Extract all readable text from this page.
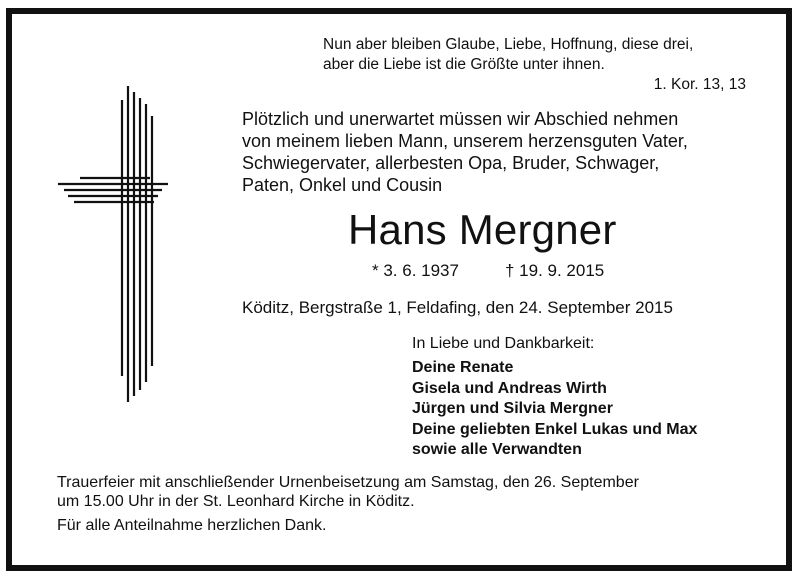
Nun aber bleiben Glaube, Liebe, Hoffnung, diese drei,
aber die Liebe ist die Größte unter ihnen.
1. Kor. 13, 13
Plötzlich und unerwartet müssen wir Abschied nehmen
von meinem lieben Mann, unserem herzensguten Vater,
Schwiegervater, allerbesten Opa, Bruder, Schwager,
Paten, Onkel und Cousin
Hans Mergner
* 3. 6. 1937	† 19. 9. 2015
Köditz, Bergstraße 1, Feldafing, den 24. September 2015
In Liebe und Dankbarkeit:
Deine Renate
Gisela und Andreas Wirth
Jürgen und Silvia Mergner
Deine geliebten Enkel Lukas und Max
sowie alle Verwandten
Trauerfeier mit anschließender Urnenbeisetzung am Samstag, den 26. September
um 15.00 Uhr in der St. Leonhard Kirche in Köditz.
Für alle Anteilnahme herzlichen Dank.
